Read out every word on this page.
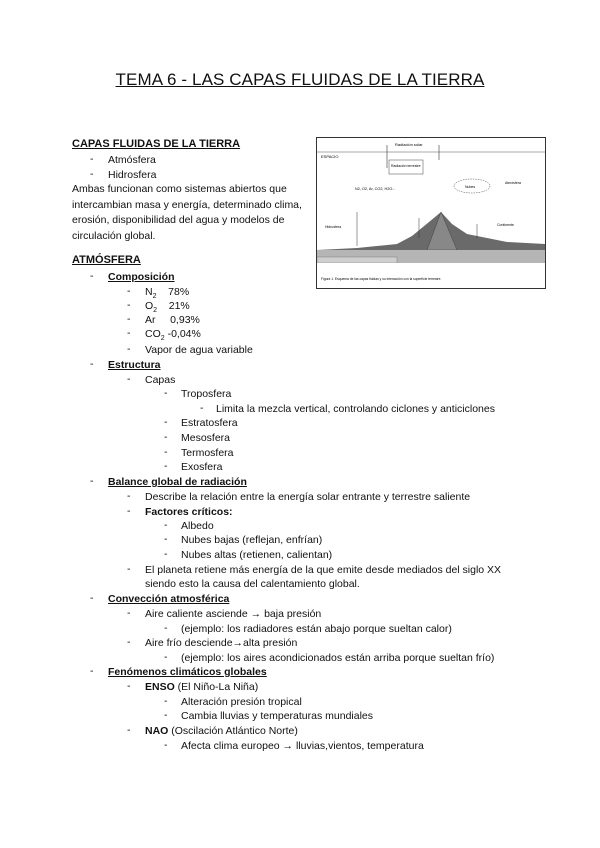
TEMA 6 - LAS CAPAS FLUIDAS DE LA TIERRA
CAPAS FLUIDAS DE LA TIERRA
- Atmósfera
- Hidrosfera
Ambas funcionan como sistemas abiertos que intercambian masa y energía, determinado clima, erosión, disponibilidad del agua y modelos de circulación global.
Radiación solar
ESPACIO
Radiación terrestre
N2, O2, Ar, CO2, H2O...	Nubes
Atmósfera
Hidrosfera	Continente
Figura 1. Esquema de las capas fluidas y su interacción con la superficie terrestre.
ATMÓSFERA
- Composición
- $N_2$ 78%
- $O_2$ 21%
- Ar 0,93%
- $CO_2$ -0,04%
- Vapor de agua variable
- Estructura
- Capas
- Troposfera
- Limita la mezcla vertical, controlando ciclones y anticiclones
- Estratosfera
- Mesosfera
- Termosfera
- Exosfera
- Balance global de radiación
- Describe la relación entre la energía solar entrante y terrestre saliente
- Factores críticos:
- Albedo
- Nubes bajas (reflejan, enfrían)
- Nubes altas (retienen, calientan)
- El planeta retiene más energía de la que emite desde mediados del siglo XX
siendo esto la causa del calentamiento global.
- Convección atmosférica
- Aire caliente asciende → baja presión
- (ejemplo: los radiadores están abajo porque sueltan calor)
- Aire frío desciende→alta presión
- (ejemplo: los aires acondicionados están arriba porque sueltan frío)
- Fenómenos climáticos globales
- ENSO (El Niño-La Niña)
- Alteración presión tropical
- Cambia lluvias y temperaturas mundiales
- NAO (Oscilación Atlántico Norte)
- Afecta clima europeo → lluvias,vientos, temperatura
